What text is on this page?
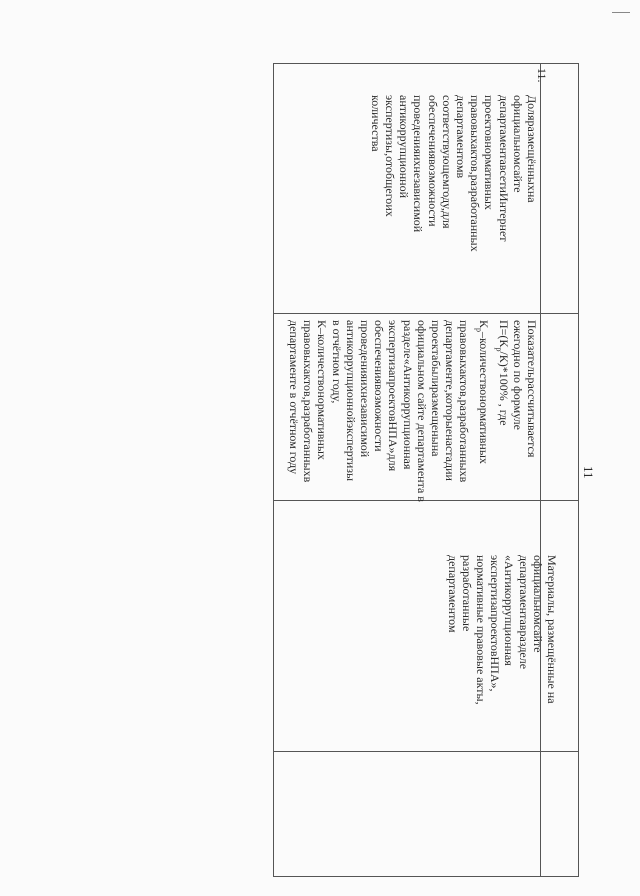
11
11.
Доляразмещённыхна
официальномсайте
департаментавсетиИнтернет
проектовнормативных
правовыхактов,разработанных
департаментомв
соответствующемгоду,для
обеспечениявозможности
проведенияихнезависимой
антикоррупционной
экспертизы,отобщегоих
количества
Показательрассчитывается
ежегодно по формуле
$П=(К_р/К)*100\%$ , где
$К_р$–количествонормативных
правовыхактов,разработанныхв
департаменте,которыенастадии
проектабылиразмещенына
официальном сайте департамента в
разделе«Антикоррупционная
экспертизапроектовНПА»для
обеспечениявозможности
проведенияихнезависимой
антикоррупционнойэкспертизы
в отчётном году,
К–количествонормативных
правовыхактов,разработанныхв
департаменте в отчётном году
Материалы, размещённые на
официальномсайте
департаментавразделе
«Антикоррупционная
экспертизапроектовНПА»,
нормативные правовые акты,
разработанные
департаментом
